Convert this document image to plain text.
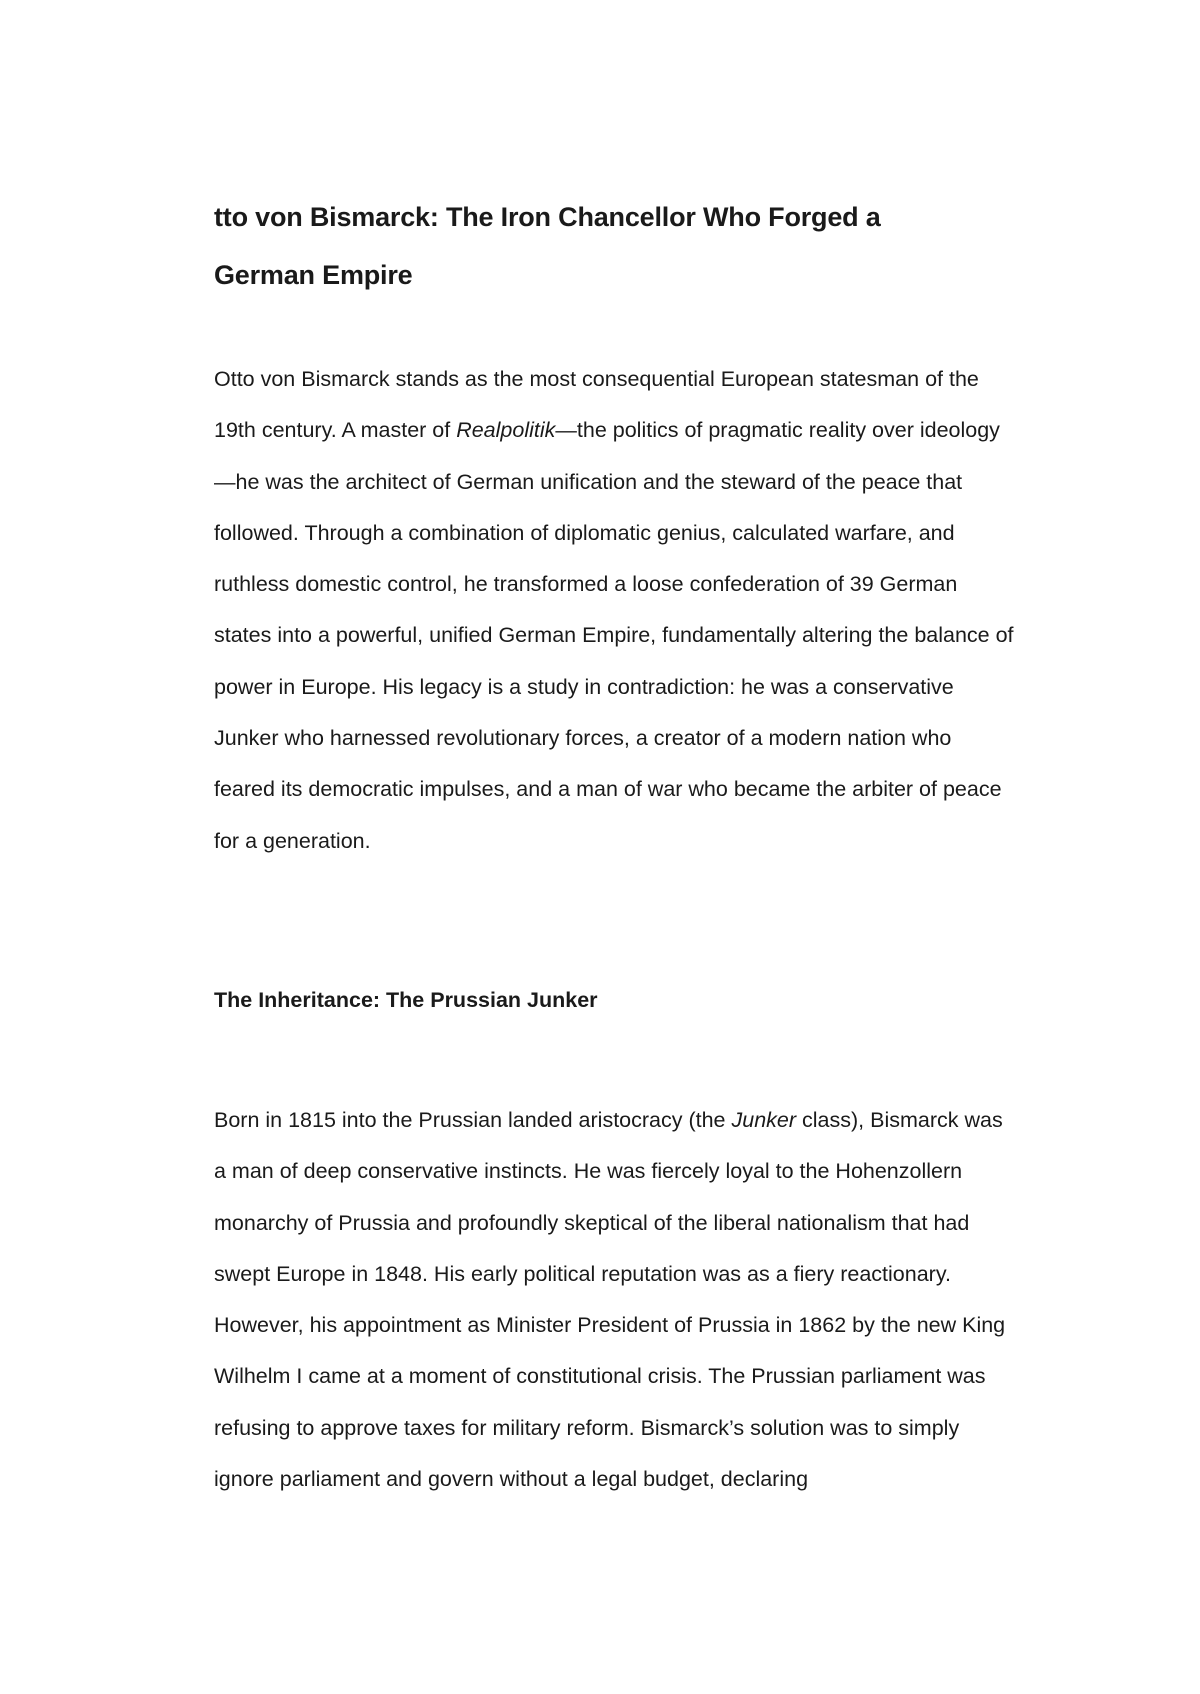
tto von Bismarck: The Iron Chancellor Who Forged a
German Empire

Otto von Bismarck stands as the most consequential European statesman of the 19th century. A master of Realpolitik—the politics of pragmatic reality over ideology—he was the architect of German unification and the steward of the peace that followed. Through a combination of diplomatic genius, calculated warfare, and ruthless domestic control, he transformed a loose confederation of 39 German states into a powerful, unified German Empire, fundamentally altering the balance of power in Europe. His legacy is a study in contradiction: he was a conservative Junker who harnessed revolutionary forces, a creator of a modern nation who feared its democratic impulses, and a man of war who became the arbiter of peace for a generation.

The Inheritance: The Prussian Junker

Born in 1815 into the Prussian landed aristocracy (the Junker class), Bismarck was a man of deep conservative instincts. He was fiercely loyal to the Hohenzollern monarchy of Prussia and profoundly skeptical of the liberal nationalism that had swept Europe in 1848. His early political reputation was as a fiery reactionary. However, his appointment as Minister President of Prussia in 1862 by the new King Wilhelm I came at a moment of constitutional crisis. The Prussian parliament was refusing to approve taxes for military reform. Bismarck’s solution was to simply ignore parliament and govern without a legal budget, declaring
